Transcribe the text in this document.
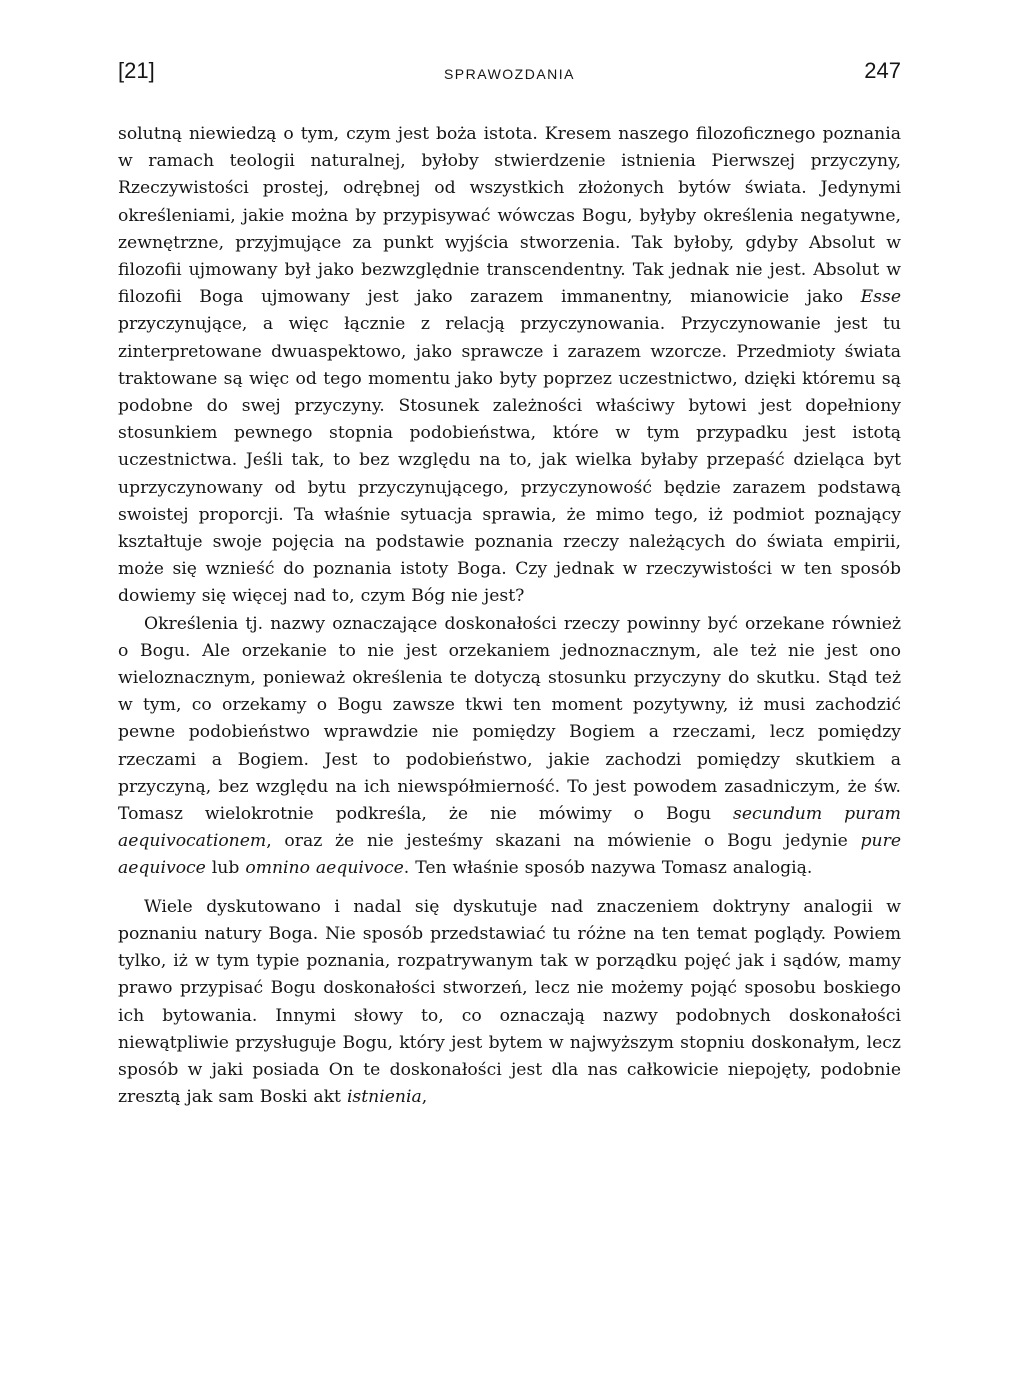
[21]	SPRAWOZDANIA	247

solutną niewiedzą o tym, czym jest boża istota. Kresem naszego filozoficznego poznania w ramach teologii naturalnej, byłoby stwierdzenie istnienia Pierwszej przyczyny, Rzeczywistości prostej, odrębnej od wszystkich złożonych bytów świata. Jedynymi określeniami, jakie można by przypisywać wówczas Bogu, byłyby określenia negatywne, zewnętrzne, przyjmujące za punkt wyjścia stworzenia. Tak byłoby, gdyby Absolut w filozofii ujmowany był jako bezwzględnie transcendentny. Tak jednak nie jest. Absolut w filozofii Boga ujmowany jest jako zarazem immanentny, mianowicie jako Esse przyczynujące, a więc łącznie z relacją przyczynowania. Przyczynowanie jest tu zinterpretowane dwuaspektowo, jako sprawcze i zarazem wzorcze. Przedmioty świata traktowane są więc od tego momentu jako byty poprzez uczestnictwo, dzięki któremu są podobne do swej przyczyny. Stosunek zależności właściwy bytowi jest dopełniony stosunkiem pewnego stopnia podobieństwa, które w tym przypadku jest istotą uczestnictwa. Jeśli tak, to bez względu na to, jak wielka byłaby przepaść dzieląca byt uprzyczynowany od bytu przyczynującego, przyczynowość będzie zarazem podstawą swoistej proporcji. Ta właśnie sytuacja sprawia, że mimo tego, iż podmiot poznający kształtuje swoje pojęcia na podstawie poznania rzeczy należących do świata empirii, może się wznieść do poznania istoty Boga. Czy jednak w rzeczywistości w ten sposób dowiemy się więcej nad to, czym Bóg nie jest?

Określenia tj. nazwy oznaczające doskonałości rzeczy powinny być orzekane również o Bogu. Ale orzekanie to nie jest orzekaniem jednoznacznym, ale też nie jest ono wieloznacznym, ponieważ określenia te dotyczą stosunku przyczyny do skutku. Stąd też w tym, co orzekamy o Bogu zawsze tkwi ten moment pozytywny, iż musi zachodzić pewne podobieństwo wprawdzie nie pomiędzy Bogiem a rzeczami, lecz pomiędzy rzeczami a Bogiem. Jest to podobieństwo, jakie zachodzi pomiędzy skutkiem a przyczyną, bez względu na ich niewspółmierność. To jest powodem zasadniczym, że św. Tomasz wielokrotnie podkreśla, że nie mówimy o Bogu secundum puram aequivocationem, oraz że nie jesteśmy skazani na mówienie o Bogu jedynie pure aequivoce lub omnino aequivoce. Ten właśnie sposób nazywa Tomasz analogią.

Wiele dyskutowano i nadal się dyskutuje nad znaczeniem doktryny analogii w poznaniu natury Boga. Nie sposób przedstawiać tu różne na ten temat poglądy. Powiem tylko, iż w tym typie poznania, rozpatrywanym tak w porządku pojęć jak i sądów, mamy prawo przypisać Bogu doskonałości stworzeń, lecz nie możemy pojąć sposobu boskiego ich bytowania. Innymi słowy to, co oznaczają nazwy podobnych doskonałości niewątpliwie przysługuje Bogu, który jest bytem w najwyższym stopniu doskonałym, lecz sposób w jaki posiada On te doskonałości jest dla nas całkowicie niepojęty, podobnie zresztą jak sam Boski akt istnienia,
